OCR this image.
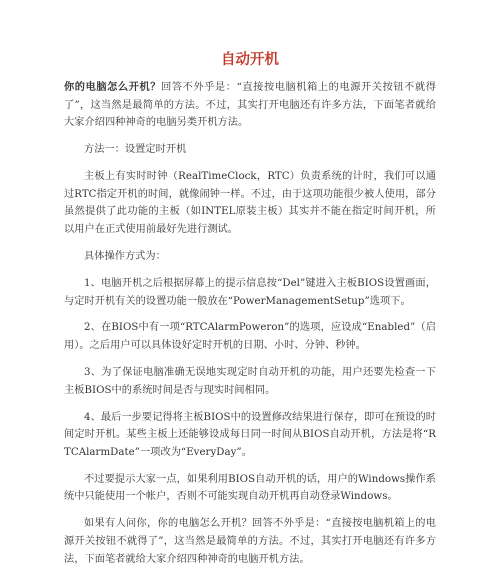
自动开机

你的电脑怎么开机？回答不外乎是：“直接按电脑机箱上的电源开关按钮不就得了”，这当然是最简单的方法。不过，其实打开电脑还有许多方法，下面笔者就给大家介绍四种神奇的电脑另类开机方法。

方法一：设置定时开机

主板上有实时时钟（RealTimeClock，RTC）负责系统的计时，我们可以通过RTC指定开机的时间，就像闹钟一样。不过，由于这项功能很少被人使用，部分虽然提供了此功能的主板（如INTEL原装主板）其实并不能在指定时间开机，所以用户在正式使用前最好先进行测试。

具体操作方式为：

1、电脑开机之后根据屏幕上的提示信息按“Del”键进入主板BIOS设置画面，与定时开机有关的设置功能一般放在“PowerManagementSetup”选项下。

2、在BIOS中有一项“RTCAlarmPoweron”的选项，应设成“Enabled”（启用）。之后用户可以具体设好定时开机的日期、小时、分钟、秒钟。

3、为了保证电脑准确无误地实现定时自动开机的功能，用户还要先检查一下主板BIOS中的系统时间是否与现实时间相同。

4、最后一步要记得将主板BIOS中的设置修改结果进行保存，即可在预设的时间定时开机。某些主板上还能够设成每日同一时间从BIOS自动开机，方法是将“RTCAlarmDate”一项改为“EveryDay”。

不过要提示大家一点，如果利用BIOS自动开机的话，用户的Windows操作系统中只能使用一个帐户，否则不可能实现自动开机再自动登录Windows。

如果有人问你，你的电脑怎么开机？回答不外乎是：“直接按电脑机箱上的电源开关按钮不就得了”，这当然是最简单的方法。不过，其实打开电脑还有许多方法，下面笔者就给大家介绍四种神奇的电脑开机方法。
